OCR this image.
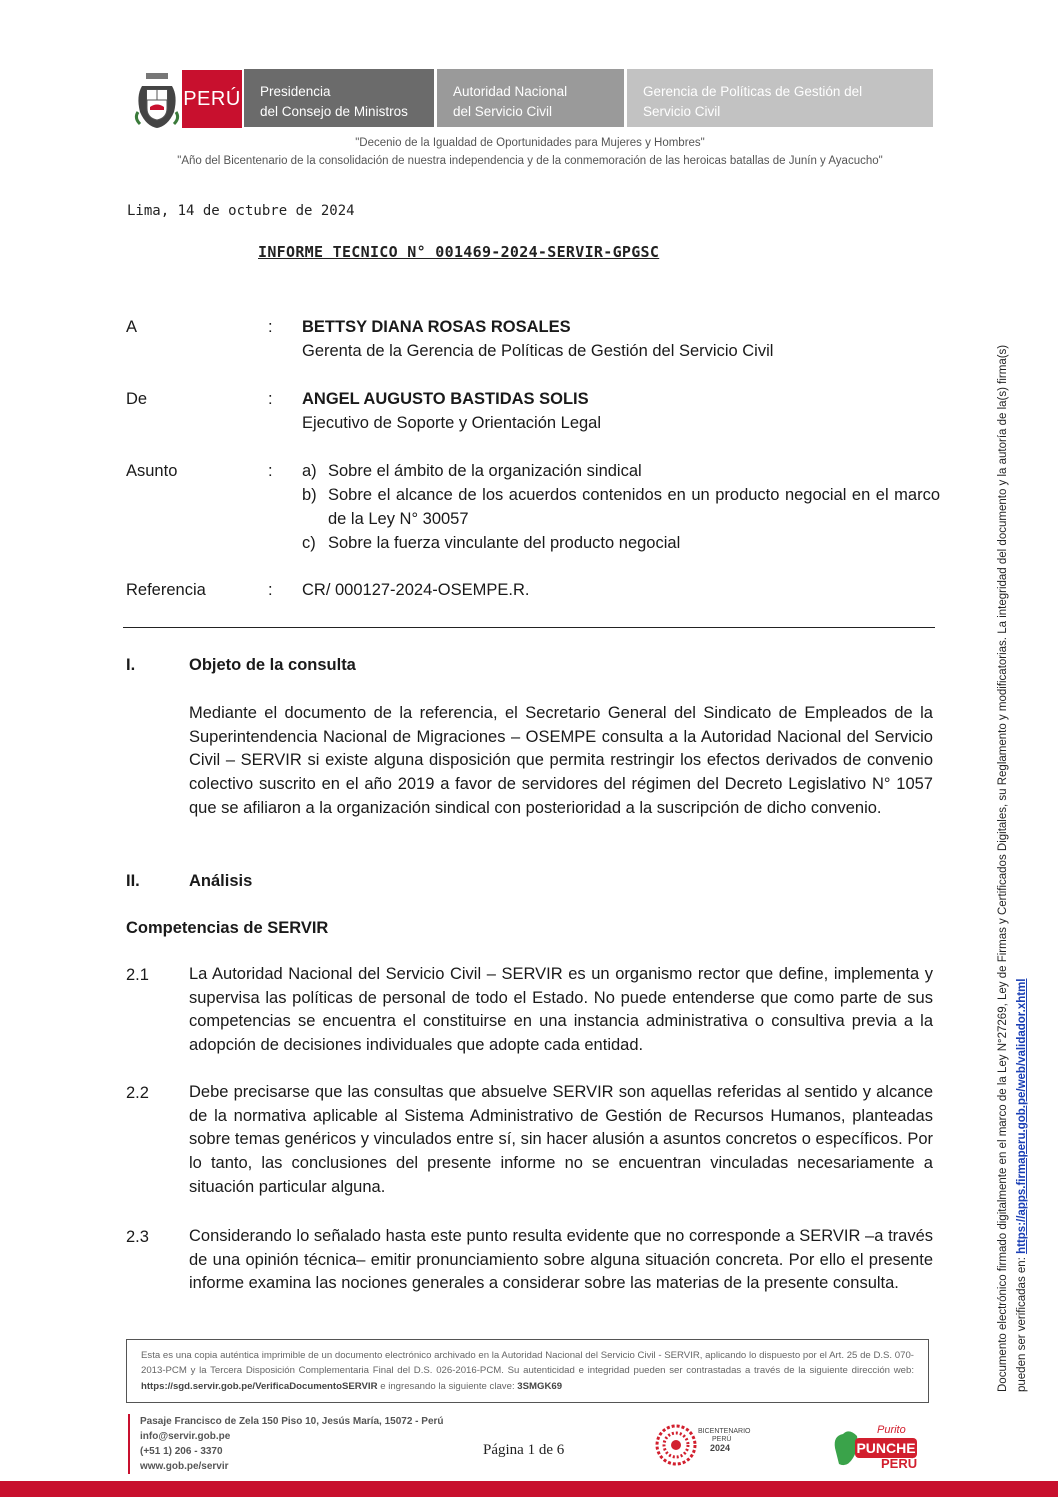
PERÚ Presidencia
del Consejo de Ministros
Autoridad Nacional
del Servicio Civil
Gerencia de Políticas de Gestión del
Servicio Civil
"Decenio de la Igualdad de Oportunidades para Mujeres y Hombres"
"Año del Bicentenario de la consolidación de nuestra independencia y de la conmemoración de las heroicas batallas de Junín y Ayacucho"
Lima, 14 de octubre de 2024
INFORME TECNICO N° 001469-2024-SERVIR-GPGSC
A	: BETTSY DIANA ROSAS ROSALES
Gerenta de la Gerencia de Políticas de Gestión del Servicio Civil
De	: ANGEL AUGUSTO BASTIDAS SOLIS
Ejecutivo de Soporte y Orientación Legal
Asunto	: a) Sobre el ámbito de la organización sindical
b) Sobre el alcance de los acuerdos contenidos en un producto negocial en el marco de la Ley N° 30057
c) Sobre la fuerza vinculante del producto negocial
Referencia	: CR/ 000127-2024-OSEMPE.R.
I.	Objeto de la consulta
Mediante el documento de la referencia, el Secretario General del Sindicato de Empleados de la Superintendencia Nacional de Migraciones – OSEMPE consulta a la Autoridad Nacional del Servicio Civil – SERVIR si existe alguna disposición que permita restringir los efectos derivados de convenio colectivo suscrito en el año 2019 a favor de servidores del régimen del Decreto Legislativo N° 1057 que se afiliaron a la organización sindical con posterioridad a la suscripción de dicho convenio.
II.	Análisis
Competencias de SERVIR
2.1 La Autoridad Nacional del Servicio Civil – SERVIR es un organismo rector que define, implementa y supervisa las políticas de personal de todo el Estado. No puede entenderse que como parte de sus competencias se encuentra el constituirse en una instancia administrativa o consultiva previa a la adopción de decisiones individuales que adopte cada entidad.
2.2 Debe precisarse que las consultas que absuelve SERVIR son aquellas referidas al sentido y alcance de la normativa aplicable al Sistema Administrativo de Gestión de Recursos Humanos, planteadas sobre temas genéricos y vinculados entre sí, sin hacer alusión a asuntos concretos o específicos. Por lo tanto, las conclusiones del presente informe no se encuentran vinculadas necesariamente a situación particular alguna.
2.3 Considerando lo señalado hasta este punto resulta evidente que no corresponde a SERVIR –a través de una opinión técnica– emitir pronunciamiento sobre alguna situación concreta. Por ello el presente informe examina las nociones generales a considerar sobre las materias de la presente consulta.
Esta es una copia auténtica imprimible de un documento electrónico archivado en la Autoridad Nacional del Servicio Civil - SERVIR, aplicando lo dispuesto por el Art. 25 de D.S. 070-2013-PCM y la Tercera Disposición Complementaria Final del D.S. 026-2016-PCM. Su autenticidad e integridad pueden ser contrastadas a través de la siguiente dirección web: https://sgd.servir.gob.pe/VerificaDocumentoSERVIR e ingresando la siguiente clave: 3SMGK69
Pasaje Francisco de Zela 150 Piso 10, Jesús María, 15072 - Perú
info@servir.gob.pe
(+51 1) 206 - 3370
www.gob.pe/servir
Página 1 de 6
BICENTENARIO
PERÚ
2024	PUNCHE
Purito
PERÚ
Documento electrónico firmado digitalmente en el marco de la Ley N°27269, Ley de Firmas y Certificados Digitales, su Reglamento y modificatorias. La integridad del documento y la autoría de la(s) firma(s) pueden ser verificadas en: https://apps.firmaperu.gob.pe/web/validador.xhtml
